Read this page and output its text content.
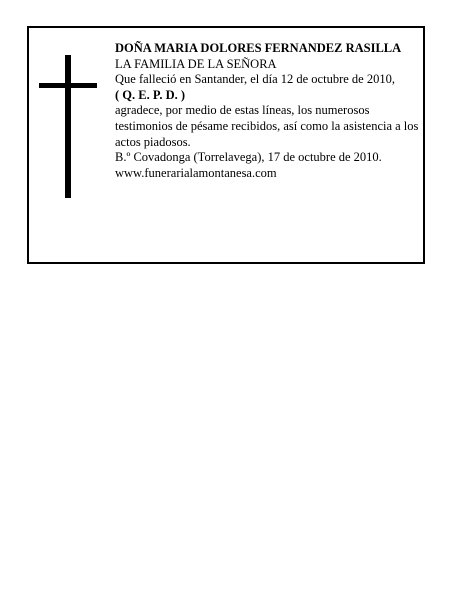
DOÑA MARIA DOLORES FERNANDEZ RASILLA
LA FAMILIA DE LA SEÑORA
Que falleció en Santander, el día 12 de octubre de 2010,
( Q. E. P. D. )
agradece, por medio de estas líneas, los numerosos testimonios de pésame recibidos, así como la asistencia a los actos piadosos.
B.º Covadonga (Torrelavega), 17 de octubre de 2010.
www.funerarialamontanesa.com
